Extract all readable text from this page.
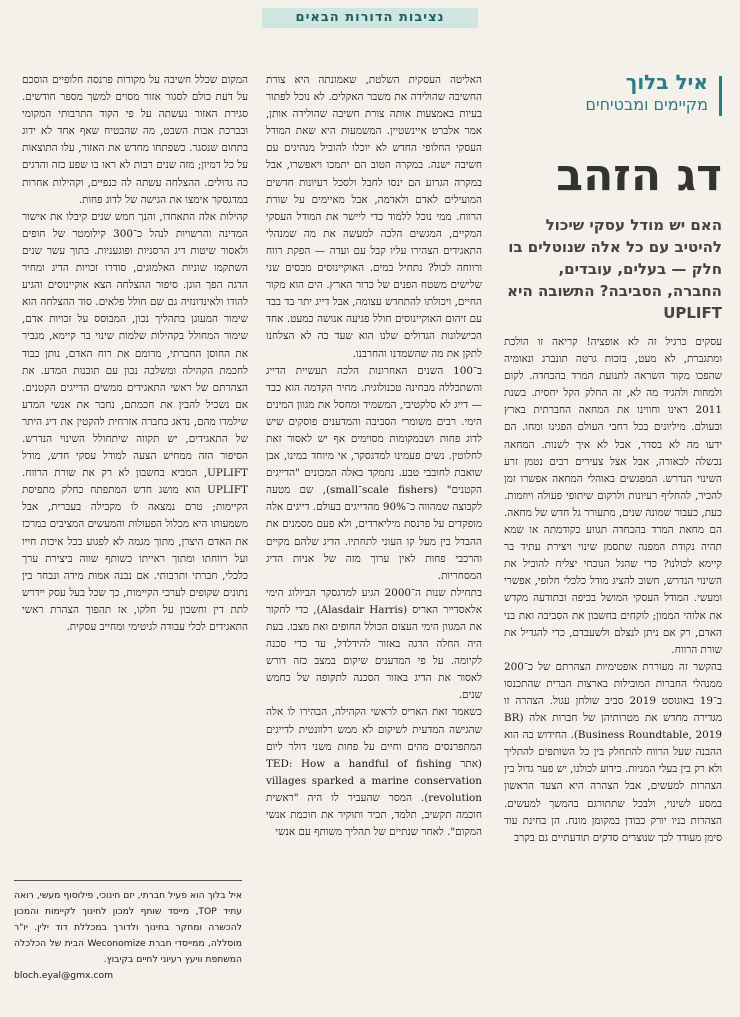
נציבות הדורות הבאים
איל בלוך
מקיימים ומבטיחים
דג הזהב

האם יש מודל עסקי שיכול להיטיב עם כל אלה שנוטלים בו חלק — בעלים, עובדים, החברה, הסביבה? התשובה היא UPLIFT

עסקים כרגיל זה לא אופציה! קריאה זו הולכת ומתגברת, לא מעט, בזכות גרטה תונברג ונאומיה שהפכו מקור השראה לתנועת המרד בהכחדה. לקום ולמחות ולהגיד מה לא, זה החלק הקל יחסית. בשנת 2011 ראינו וחווינו את המחאה החברתית בארץ ובעולם. מיליונים בכל רחבי העולם הפגינו ומחו. הם ידעו מה לא בסדר, אבל לא איך לשנות. המחאה נכשלה לכאורה, אבל אצל צעירים רבים נטמן זרע השינוי הנדרש. המפגשים באוהלי המחאה אפשרו זמן להכיר, להחליף רעיונות ולרקום שיתופי פעולה ויוזמות. כעת, כעבור שמונה שנים, מתעורר גל חדש של מחאה. הם מחאת המרד בהכחדה תגווע כקודמתה או שמא תהיה נקודת המפנה שתסמן שינוי ויצירת עתיד בר קיימא לכולנו? כדי שהגל הנוכחי יצליח להוביל את השינוי הנדרש, חשוב להציג מודל כלכלי חלופי, אפשרי ומעשי. המודל העסקי המושל בכיפה ובתודעה מקדש את אלוהי הממון; לוקחים בחשבון את הסביבה ואת בני האדם, רק אם ניתן לנצלם ולשעבדם, כדי להגדיל את שורת הרווח.

בהקשר זה מעוררת אופטימיות הצהרתם של כ־200 ממנהלי החברות המובילות בארצות הברית שהתכנסו ב־19 באוגוסט 2019 סביב שולחן עגול. הצהרה זו מגדירה מחדש את מטרותיהן של חברות אלה (BR Business Roundtable, 2019). החידוש בה הוא ההבנה שעל הרווח להתחלק בין כל השותפים להתליך ולא רק בין בעלי המניות. כידוע לכולנו, יש פער גדול בין הצהרות למעשים, אבל הצהרה היא הצעד הראשון במסע לשינוי, ולבכל שתתורגם בהמשך למעשים. הצהרות בניו יורק כבודן במקומן מונח. הן בחינת עוד סימן מעודד לכך שנוצרים סדקים תודעתיים גם בקרב

האליטה העסקית השלטת, שאמונתה היא צורת החשיבה שהולידה את משבר האקלים. לא נוכל לפתור בעיות באמצעות אותה צורת חשיבה שהולידה אותן, אמר אלברט איינשטיין. המשמעות היא שאת המודל העסקי החלופי החדש לא יוכלו להוביל מנהיגים עם חשיבה ישנה. במקרה הטוב הם יתמכו ויאפשרו, אבל במקרה הגרוע הם ינסו לחבל ולסכל רעיונות חדשים המועילים לאדם ולאדמה, אבל מאיימים על שורת הרווח. ממי נוכל ללמוד כדי ליישר את המודל העסקי המקיים, המגשים הלכה למעשה את מה שמנהלי התאגידים הצהירו עליו קבל עם ועדה — הפקת רווח ורווחה לכול? נתחיל במים. האוקיינוסים מכסים שני שלישים משטח הפנים של כדור הארץ. הים הוא מקור החיים, ויכולתו להתחדש עצומה, אבל דייג יתר בד בבד עם זיהום האוקיינוסים חולל פגיעה אנושה כמעט. אחד הכישלונות הגדולים שלנו הוא שעד כה לא הצלחנו לתקן את מה שהשמדנו והחרבנו.

ב־100 השנים האחרונות הלכה תעשיית הדייג והשתכללה מבחינה טכנולוגית. מחיר הקדמה הוא כבד — דייג לא סלקטיבי, המשמיד ומחסל את מגוון המינים הימי. רבים משומרי הסביבה והמדענים פוסקים שיש לדוג פחות ושבמקומות מסוימים אף יש לאסור זאת לחלוטין. נשים פעמינו למדגסקר, אי מיוחד במינו, אבן שואבת לחובבי טבע. נתמקד באלה המכונים "הדייגים הקטנים" (scale fishers־small), שם מטעה לקבוצה שמהווה כ־90% מהדייגים בעולם. דייגים אלה מופקדים על פרנסת מיליארדים, ולא פעם מסמנים את ההבדל בין מעל קו העוני לתחתיו. הדיג שלהם מקיים והרכבי פחות לאין ערוך מזה של אניות הדיג המסחריות.

בתחילת שנות ה־2000 הגיע למדגסקר הביולוג הימי אלאסדייר האריס (Alasdair Harris), כדי לחקור את המגוון הימי העצום הכולל החופים ואת מצבו. בעת היה החלה הדגה באזור להידלדל, עד כדי סכנה לקיומה. על פי המדענים שיקום במצב כזה דורש לאסור את הדיג באזור הסכנה לתקופה של כחמש שנים.

כשאמר זאת האריס לראשי הקהילה, הבהירו לו אלה שהגישה המדעית לשיקום לא ממש רלוונטית לדייגים המתפרנסים מהים וחיים על פחות משני דולר ליום (אתר TED: How a handful of fishing villages sparked a marine conservation revolution). המסר שהעביר לו היה "ראשית חוכמה תקשיב, תלמד, תכיר ותוקיר את חוכמת אנשי המקום". לאחר שנתיים של תהליך משותף עם אנשי

המקום שכלל חשיבה על מקורות פרנסה חלופיים הוסכם על דעת כולם לסגור אזור מסוים למשך מספר חודשים. סגירת האזור נעשתה על פי הקוד התרבותי המקומי ובברכת אבות השבט, מה שהבטיח שאף אחד לא ידוג בתחום שנסגר. כשפתחו מחדש את האזור, עלו התוצאות על כל דמיון; מזה שנים רבות לא ראו בו שפע כזה והדגים כה גדולים. ההצלחה עשתה לה כנפיים, וקהילות אחרות במדגסקר אימצו את הגישה של לדוג פחות.

קהילות אלה התאחדו, והנך חמש שנים קיבלו את אישור המדינה והרשויות לנהל כ־300 קילומטר של חופים ולאסור שיטות דיג הרסניות ופוגעניות. בתוך עשר שנים השתקמו שוניות האלמוגים, סודרו זכויות הדיג ומחיר הדגה הפך הוגן. סיפור ההצלחה הצא אוקיינוסים והגיע להודו ולאינדונזיה גם שם חולל פלאים. סוד ההצלחה הוא שימור המעוגן בתהליך נכון, המבוסס על זכויות אדם, שימור המחולל בקהילות שלמות שינוי בר קיימא, מגביר את החוסן החברתי, מרומם את רוח האדם, נותן כבוד לחכמת הקהילה ומשלבה נכון עם תובנות המדע. את הצהרתם של ראשי התאגידים ממשים הדייגים הקטנים. אם נשכיל להבין את חכמתם, נחבר את אנשי המדע שילמדו מהם, נדאג כחברה אזרחית להקטין את דיג היתר של התאגידים, יש תקווה שיתחולל השינוי הנדרש. הסיפור הזה ממחיש הצעה למודל עסקי חדש, מודל UPLIFT, המביא בחשבון לא רק את שורת הרווח. UPLIFT הוא מושג חדש המתפתח כחלק מתפיסת הקיימות; טרם נמצאה לו מקבילה בעברית, אבל משמעותו היא מכלול הפעולות והמעשים המציבים במרכז את האדם היצרן, מתוך מגמה לא לפגוע בכל איכות חייו ועל רווחתו ומתוך ראייתו כשותף שווה ביצירת ערך כלכלי, חברתי ותרבותי. אם נבנה אמות מידה ונבחר בין נתונים שקופים לערכי הקיימות, כך שכל בעל עסק יידרש לתת דין וחשבון על חלקו, אז תהפוך הצהרת ראשי התאגידים לכלי עבודה לגיטימי ומחייב עסקית.

איל בלוך הוא פעיל חברתי, יזם חינוכי, פילוסוף מעשי, רואה עתיד TOP, מייסד שותף למכון לחינוך לקיימות והמכון להכשרה ומחקר בחינוך ולדורך במכללת דוד ילין. יו"ר מוסללה, ממייסדי חברת Weconomize הבית של הכלכלה המשתפת וויעץ רעיוני לחיים בקיבוץ.

bloch.eyal@gmx.com
